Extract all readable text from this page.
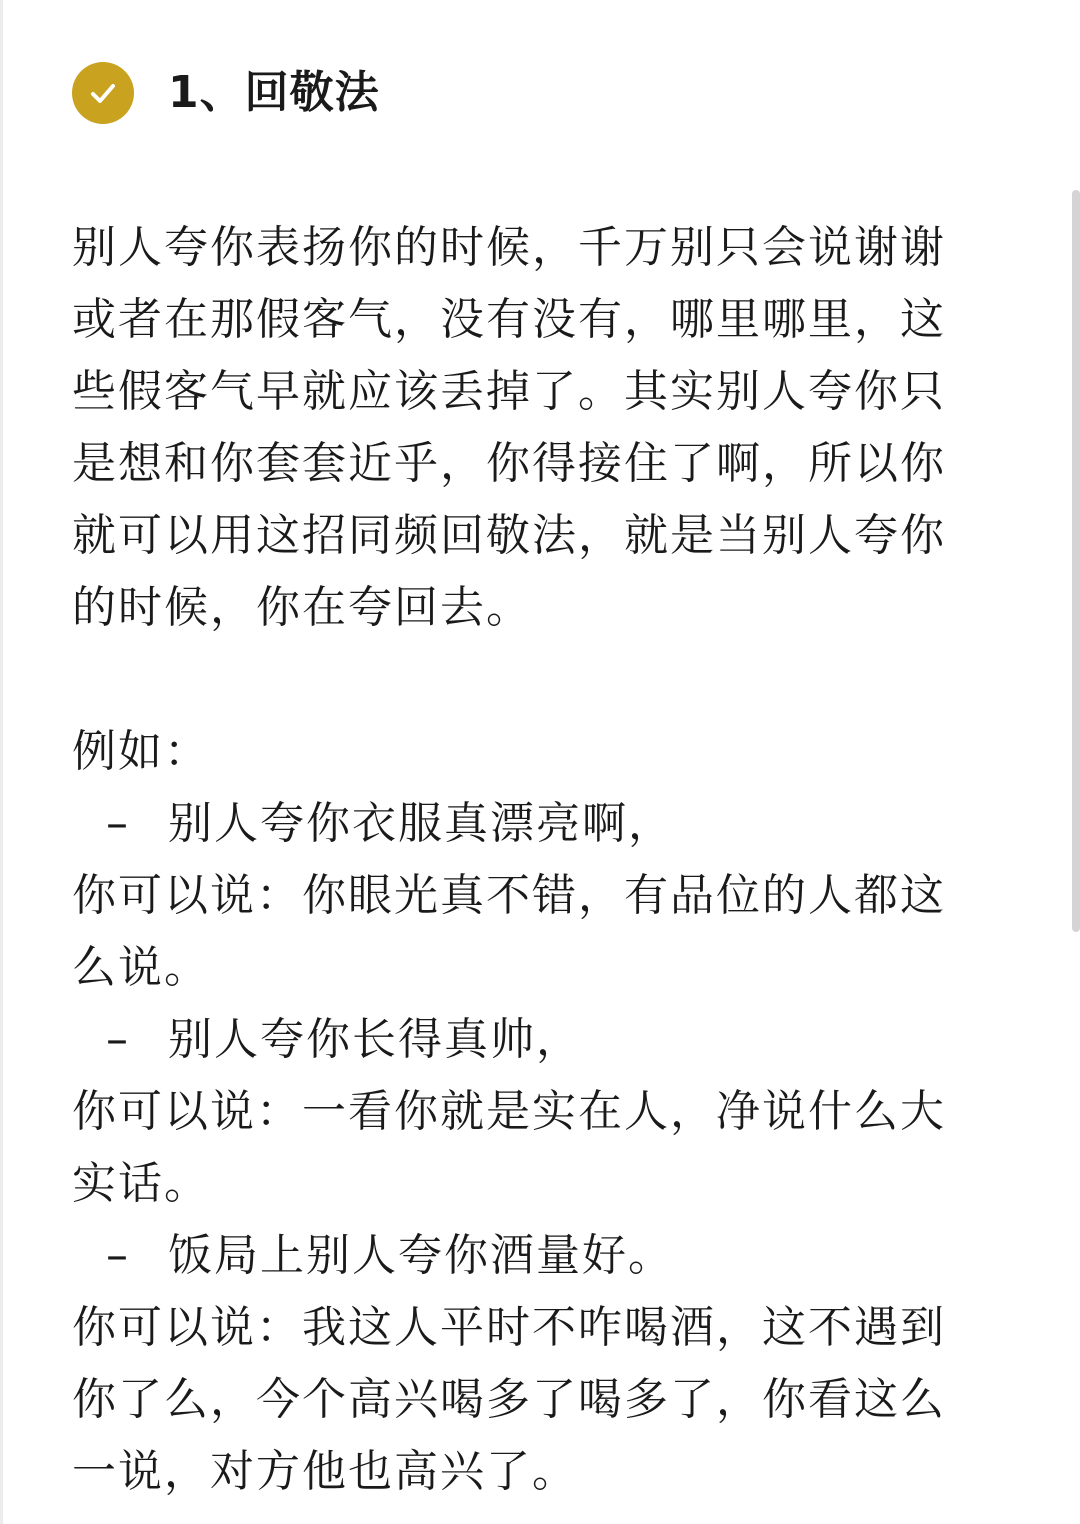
1、回敬法
别人夸你表扬你的时候，千万别只会说谢谢
或者在那假客气，没有没有，哪里哪里，这
些假客气早就应该丢掉了。其实别人夸你只
是想和你套套近乎，你得接住了啊，所以你
就可以用这招同频回敬法，就是当别人夸你
的时候，你在夸回去。
例如：
– 别人夸你衣服真漂亮啊，
你可以说：你眼光真不错，有品位的人都这
么说。
– 别人夸你长得真帅，
你可以说：一看你就是实在人，净说什么大
实话。
– 饭局上别人夸你酒量好。
你可以说：我这人平时不咋喝酒，这不遇到
你了么，今个高兴喝多了喝多了，你看这么
一说，对方他也高兴了。
